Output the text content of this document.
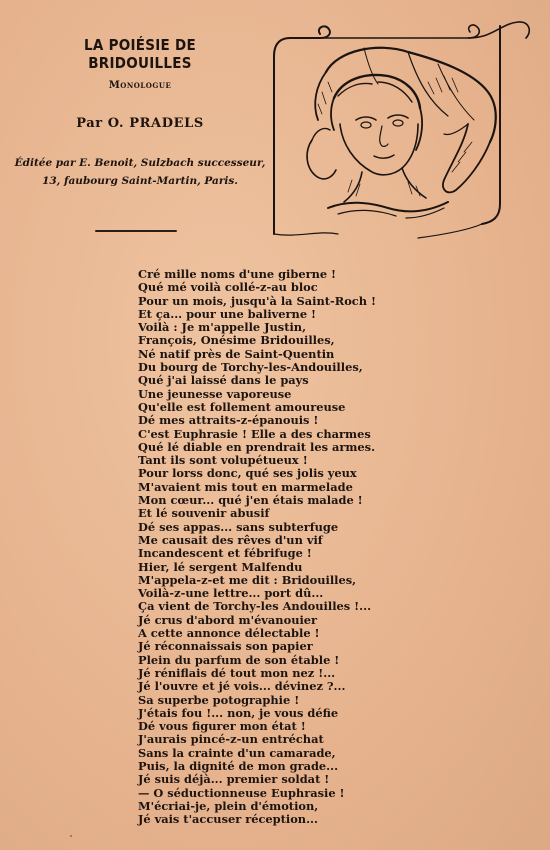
LA POIÉSIE DE BRIDOUILLES
Monologue
Par O. PRADELS
Éditée par E. Benoit, Sulzbach successeur,
13, faubourg Saint-Martin, Paris.
Cré mille noms d'une giberne !
Qué mé voilà collé-z-au bloc
Pour un mois, jusqu'à la Saint-Roch !
Et ça... pour une baliverne !
Voilà : Je m'appelle Justin,
François, Onésime Bridouilles,
Né natif près de Saint-Quentin
Du bourg de Torchy-les-Andouilles,
Qué j'ai laissé dans le pays
Une jeunesse vaporeuse
Qu'elle est follement amoureuse
Dé mes attraits-z-épanouis !
C'est Euphrasie ! Elle a des charmes
Qué lé diable en prendrait les armes.
Tant ils sont volupétueux !
Pour lorss donc, qué ses jolis yeux
M'avaient mis tout en marmelade
Mon cœur... qué j'en étais malade !
Et lé souvenir abusif
Dé ses appas... sans subterfuge
Me causait des rêves d'un vif
Incandescent et fébrifuge !
Hier, lé sergent Malfendu
M'appela-z-et me dit : Bridouilles,
Voilà-z-une lettre... port dû...
Ça vient de Torchy-les Andouilles !...
Jé crus d'abord m'évanouier
A cette annonce délectable !
Jé réconnaissais son papier
Plein du parfum de son étable !
Jé réniflais dé tout mon nez !...
Jé l'ouvre et jé vois... dévinez ?...
Sa superbe potographie !
J'étais fou !... non, je vous défie
Dé vous figurer mon état !
J'aurais pincé-z-un entréchat
Sans la crainte d'un camarade,
Puis, la dignité de mon grade...
Jé suis déjà... premier soldat !
— O séductionneuse Euphrasie !
M'écriai-je, plein d'émotion,
Jé vais t'accuser réception...
